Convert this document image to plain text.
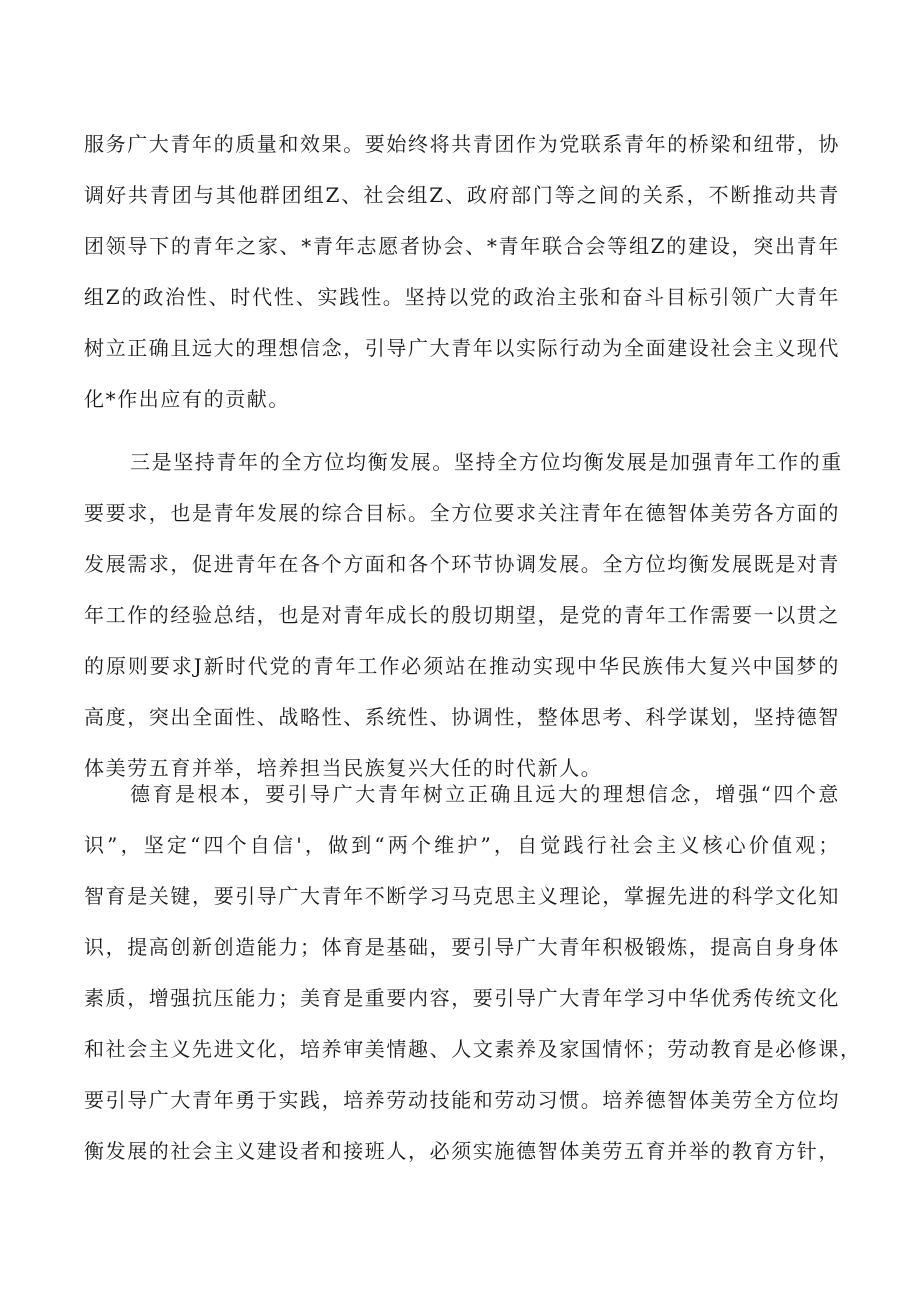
服务广大青年的质量和效果。要始终将共青团作为党联系青年的桥梁和纽带，协
调好共青团与其他群团组Z、社会组Z、政府部门等之间的关系，不断推动共青
团领导下的青年之家、*青年志愿者协会、*青年联合会等组Z的建设，突出青年
组Z的政治性、时代性、实践性。坚持以党的政治主张和奋斗目标引领广大青年
树立正确且远大的理想信念，引导广大青年以实际行动为全面建设社会主义现代
化*作出应有的贡献。
三是坚持青年的全方位均衡发展。坚持全方位均衡发展是加强青年工作的重
要要求，也是青年发展的综合目标。全方位要求关注青年在德智体美劳各方面的
发展需求，促进青年在各个方面和各个环节协调发展。全方位均衡发展既是对青
年工作的经验总结，也是对青年成长的殷切期望，是党的青年工作需要一以贯之
的原则要求J新时代党的青年工作必须站在推动实现中华民族伟大复兴中国梦的
高度，突出全面性、战略性、系统性、协调性，整体思考、科学谋划，坚持德智
体美劳五育并举，培养担当民族复兴大任的时代新人。
德育是根本，要引导广大青年树立正确且远大的理想信念，增强“四个意
识”，坚定“四个自信'，做到“两个维护”，自觉践行社会主义核心价值观；
智育是关键，要引导广大青年不断学习马克思主义理论，掌握先进的科学文化知
识，提高创新创造能力；体育是基础，要引导广大青年积极锻炼，提高自身身体
素质，增强抗压能力；美育是重要内容，要引导广大青年学习中华优秀传统文化
和社会主义先进文化，培养审美情趣、人文素养及家国情怀；劳动教育是必修课，
要引导广大青年勇于实践，培养劳动技能和劳动习惯。培养德智体美劳全方位均
衡发展的社会主义建设者和接班人，必须实施德智体美劳五育并举的教育方针，
